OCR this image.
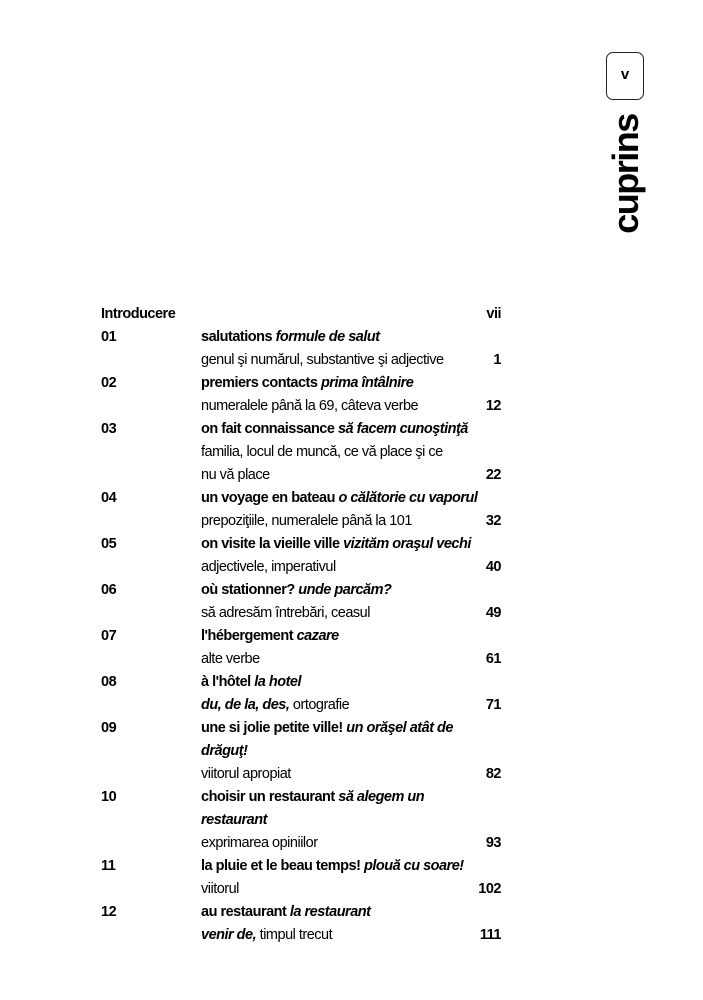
v
cuprins
Introducere	vii
01	salutations formule de salut
genul şi numărul, substantive şi adjective	1
02	premiers contacts prima întâlnire
numeralele până la 69, câteva verbe	12
03	on fait connaissance să facem cunoştinţă
familia, locul de muncă, ce vă place şi ce
nu vă place	22
04	un voyage en bateau o călătorie cu vaporul
prepoziţiile, numeralele până la 101	32
05	on visite la vieille ville vizităm oraşul vechi
adjectivele, imperativul	40
06	où stationner? unde parcăm?
să adresăm întrebări, ceasul	49
07	l'hébergement cazare
alte verbe	61
08	à l'hôtel la hotel
du, de la, des, ortografie	71
09	une si jolie petite ville! un orăşel atât de
drăguţ!
viitorul apropiat	82
10	choisir un restaurant să alegem un
restaurant
exprimarea opiniilor	93
11	la pluie et le beau temps! plouă cu soare!
viitorul	102
12	au restaurant la restaurant
venir de, timpul trecut	111
